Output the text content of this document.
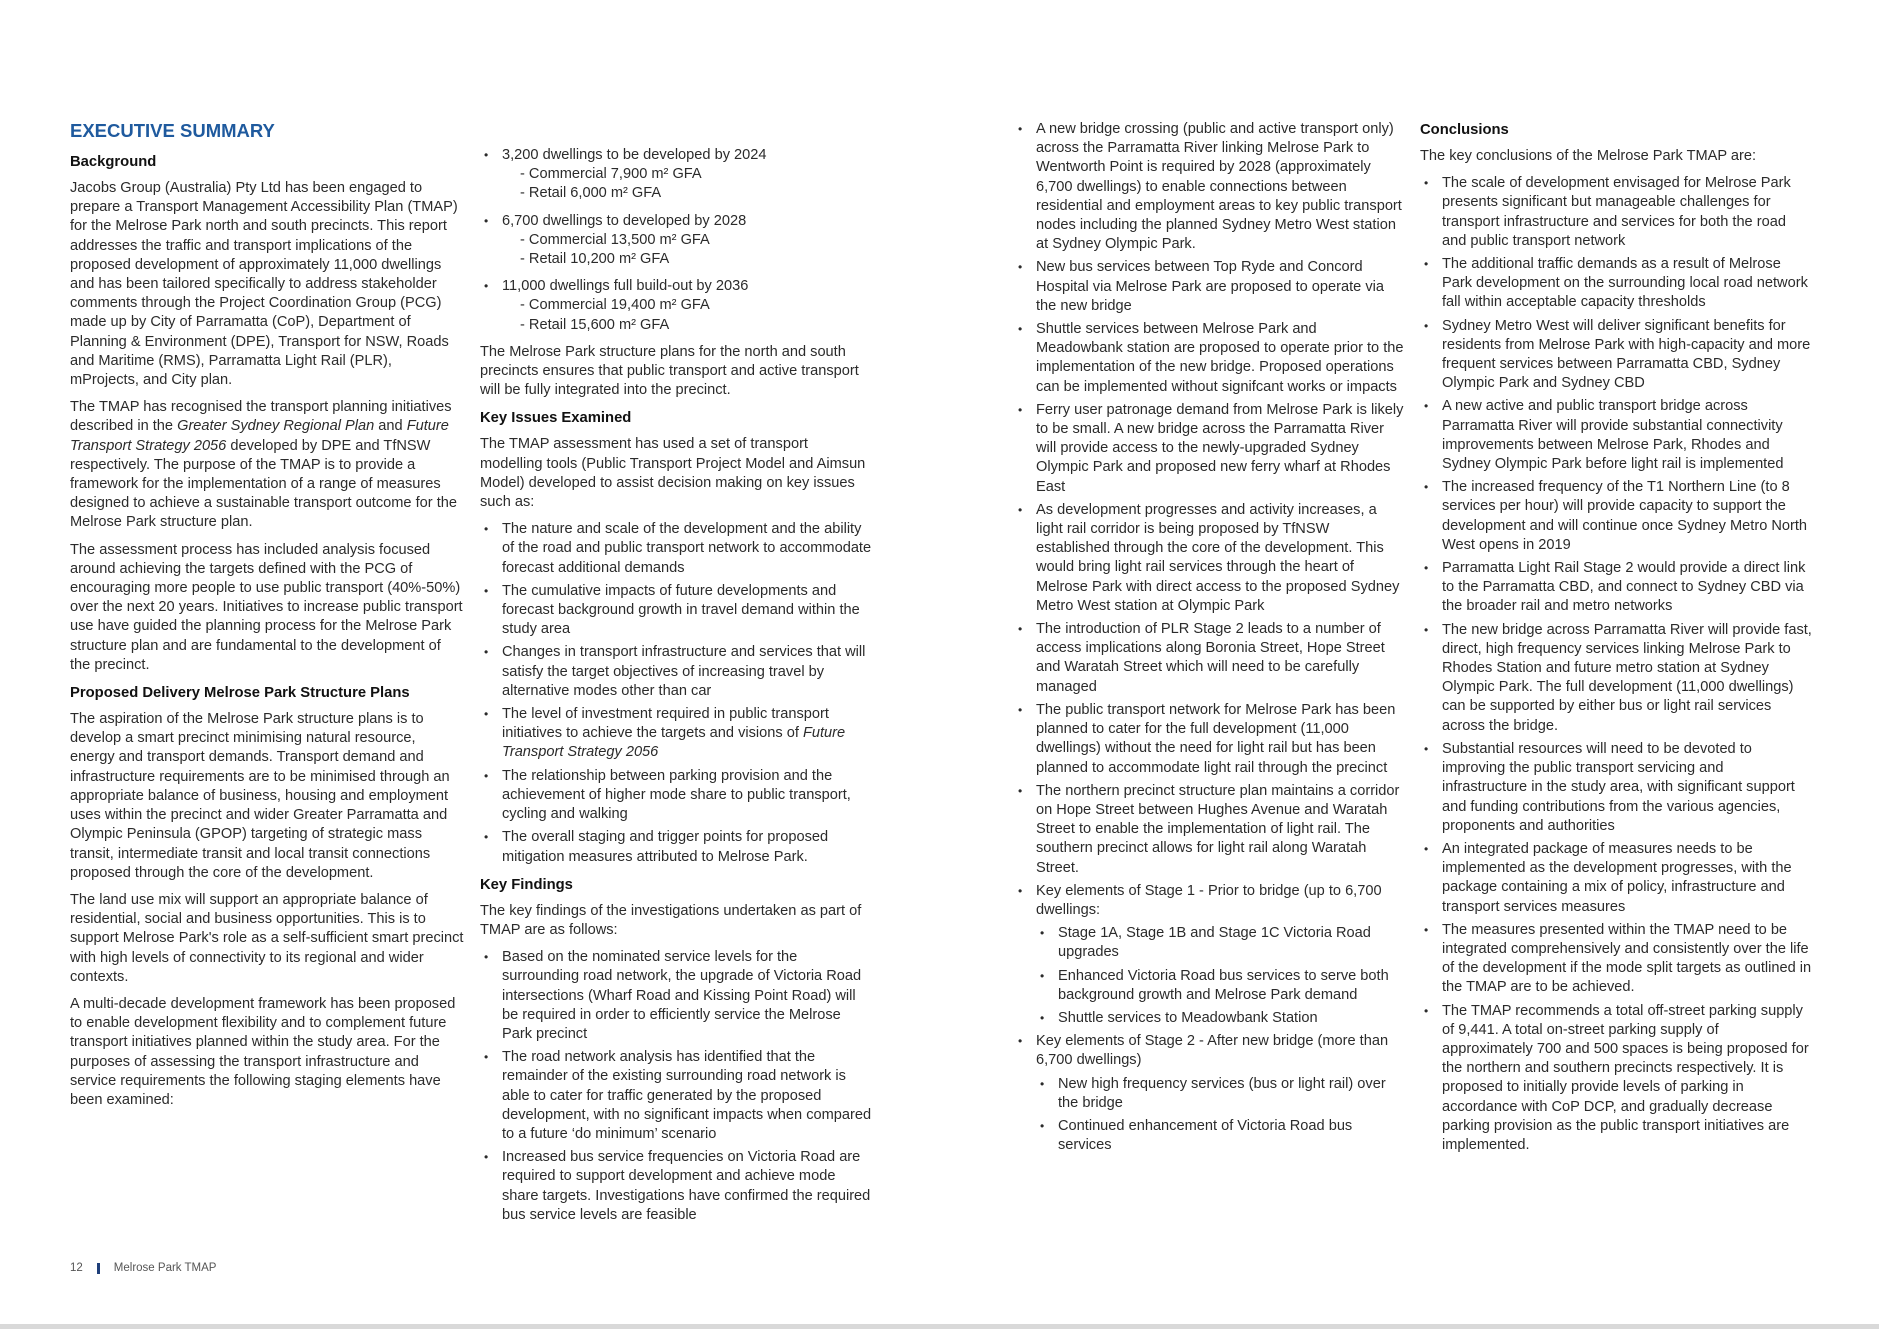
EXECUTIVE SUMMARY
Background

Jacobs Group (Australia) Pty Ltd has been engaged to prepare a Transport Management Accessibility Plan (TMAP) for the Melrose Park north and south precincts. This report addresses the traffic and transport implications of the proposed development of approximately 11,000 dwellings and has been tailored specifically to address stakeholder comments through the Project Coordination Group (PCG) made up by City of Parramatta (CoP), Department of Planning & Environment (DPE), Transport for NSW, Roads and Maritime (RMS), Parramatta Light Rail (PLR), mProjects, and City plan.

The TMAP has recognised the transport planning initiatives described in the Greater Sydney Regional Plan and Future Transport Strategy 2056 developed by DPE and TfNSW respectively. The purpose of the TMAP is to provide a framework for the implementation of a range of measures designed to achieve a sustainable transport outcome for the Melrose Park structure plan.

The assessment process has included analysis focused around achieving the targets defined with the PCG of encouraging more people to use public transport (40%-50%) over the next 20 years. Initiatives to increase public transport use have guided the planning process for the Melrose Park structure plan and are fundamental to the development of the precinct.

Proposed Delivery Melrose Park Structure Plans

The aspiration of the Melrose Park structure plans is to develop a smart precinct minimising natural resource, energy and transport demands. Transport demand and infrastructure requirements are to be minimised through an appropriate balance of business, housing and employment uses within the precinct and wider Greater Parramatta and Olympic Peninsula (GPOP) targeting of strategic mass transit, intermediate transit and local transit connections proposed through the core of the development.

The land use mix will support an appropriate balance of residential, social and business opportunities. This is to support Melrose Park's role as a self-sufficient smart precinct with high levels of connectivity to its regional and wider contexts.

A multi-decade development framework has been proposed to enable development flexibility and to complement future transport initiatives planned within the study area. For the purposes of assessing the transport infrastructure and service requirements the following staging elements have been examined:

• 3,200 dwellings to be developed by 2024
- Commercial 7,900 m² GFA
- Retail 6,000 m² GFA
• 6,700 dwellings to developed by 2028
- Commercial 13,500 m² GFA
- Retail 10,200 m² GFA
• 11,000 dwellings full build-out by 2036
- Commercial 19,400 m² GFA
- Retail 15,600 m² GFA

The Melrose Park structure plans for the north and south precincts ensures that public transport and active transport will be fully integrated into the precinct.

Key Issues Examined

The TMAP assessment has used a set of transport modelling tools (Public Transport Project Model and Aimsun Model) developed to assist decision making on key issues such as:

• The nature and scale of the development and the ability of the road and public transport network to accommodate forecast additional demands
• The cumulative impacts of future developments and forecast background growth in travel demand within the study area
• Changes in transport infrastructure and services that will satisfy the target objectives of increasing travel by alternative modes other than car
• The level of investment required in public transport initiatives to achieve the targets and visions of Future Transport Strategy 2056
• The relationship between parking provision and the achievement of higher mode share to public transport, cycling and walking
• The overall staging and trigger points for proposed mitigation measures attributed to Melrose Park.
Key Findings

The key findings of the investigations undertaken as part of TMAP are as follows:

• Based on the nominated service levels for the surrounding road network, the upgrade of Victoria Road intersections (Wharf Road and Kissing Point Road) will be required in order to efficiently service the Melrose Park precinct
• The road network analysis has identified that the remainder of the existing surrounding road network is able to cater for traffic generated by the proposed development, with no significant impacts when compared to a future ‘do minimum’ scenario
• Increased bus service frequencies on Victoria Road are required to support development and achieve mode share targets. Investigations have confirmed the required bus service levels are feasible
• A new bridge crossing (public and active transport only) across the Parramatta River linking Melrose Park to Wentworth Point is required by 2028 (approximately 6,700 dwellings) to enable connections between residential and employment areas to key public transport nodes including the planned Sydney Metro West station at Sydney Olympic Park.
• New bus services between Top Ryde and Concord Hospital via Melrose Park are proposed to operate via the new bridge
• Shuttle services between Melrose Park and Meadowbank station are proposed to operate prior to the implementation of the new bridge. Proposed operations can be implemented without signifcant works or impacts
• Ferry user patronage demand from Melrose Park is likely to be small. A new bridge across the Parramatta River will provide access to the newly-upgraded Sydney Olympic Park and proposed new ferry wharf at Rhodes East
• As development progresses and activity increases, a light rail corridor is being proposed by TfNSW established through the core of the development. This would bring light rail services through the heart of Melrose Park with direct access to the proposed Sydney Metro West station at Olympic Park
• The introduction of PLR Stage 2 leads to a number of access implications along Boronia Street, Hope Street and Waratah Street which will need to be carefully managed
• The public transport network for Melrose Park has been planned to cater for the full development (11,000 dwellings) without the need for light rail but has been planned to accommodate light rail through the precinct
• The northern precinct structure plan maintains a corridor on Hope Street between Hughes Avenue and Waratah Street to enable the implementation of light rail. The southern precinct allows for light rail along Waratah Street.
• Key elements of Stage 1 - Prior to bridge (up to 6,700 dwellings:
• Stage 1A, Stage 1B and Stage 1C Victoria Road upgrades
• Enhanced Victoria Road bus services to serve both background growth and Melrose Park demand
• Shuttle services to Meadowbank Station
• Key elements of Stage 2 - After new bridge (more than 6,700 dwellings)
• New high frequency services (bus or light rail) over the bridge
• Continued enhancement of Victoria Road bus services
Conclusions

The key conclusions of the Melrose Park TMAP are:

• The scale of development envisaged for Melrose Park presents significant but manageable challenges for transport infrastructure and services for both the road and public transport network
• The additional traffic demands as a result of Melrose Park development on the surrounding local road network fall within acceptable capacity thresholds
• Sydney Metro West will deliver significant benefits for residents from Melrose Park with high-capacity and more frequent services between Parramatta CBD, Sydney Olympic Park and Sydney CBD
• A new active and public transport bridge across Parramatta River will provide substantial connectivity improvements between Melrose Park, Rhodes and Sydney Olympic Park before light rail is implemented
• The increased frequency of the T1 Northern Line (to 8 services per hour) will provide capacity to support the development and will continue once Sydney Metro North West opens in 2019
• Parramatta Light Rail Stage 2 would provide a direct link to the Parramatta CBD, and connect to Sydney CBD via the broader rail and metro networks
• The new bridge across Parramatta River will provide fast, direct, high frequency services linking Melrose Park to Rhodes Station and future metro station at Sydney Olympic Park. The full development (11,000 dwellings) can be supported by either bus or light rail services across the bridge.
• Substantial resources will need to be devoted to improving the public transport servicing and infrastructure in the study area, with significant support and funding contributions from the various agencies, proponents and authorities
• An integrated package of measures needs to be implemented as the development progresses, with the package containing a mix of policy, infrastructure and transport services measures
• The measures presented within the TMAP need to be integrated comprehensively and consistently over the life of the development if the mode split targets as outlined in the TMAP are to be achieved.
• The TMAP recommends a total off-street parking supply of 9,441. A total on-street parking supply of approximately 700 and 500 spaces is being proposed for the northern and southern precincts respectively. It is proposed to initially provide levels of parking in accordance with CoP DCP, and gradually decrease parking provision as the public transport initiatives are implemented.
12	Melrose Park TMAP
